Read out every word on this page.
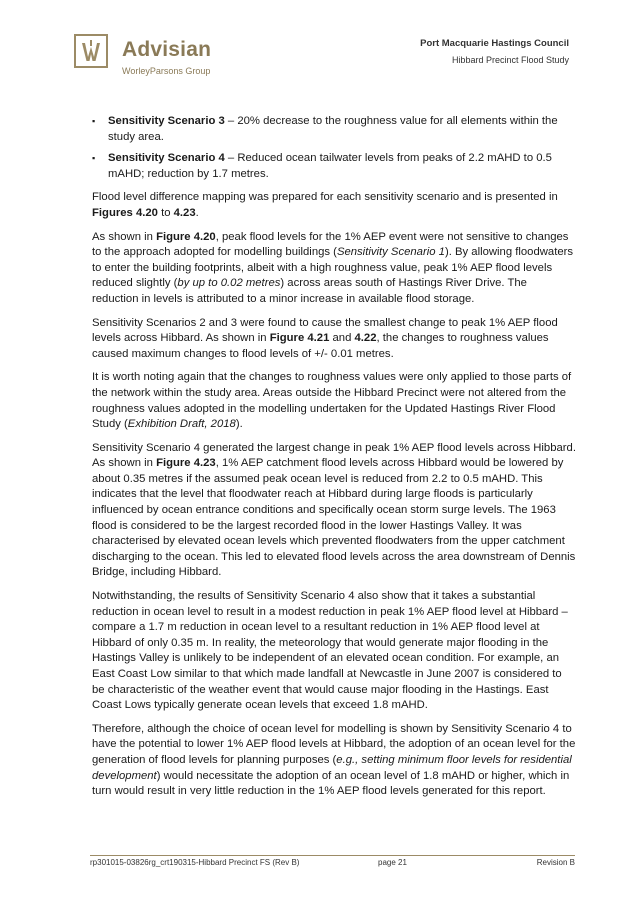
Advisian
WorleyParsons Group
Port Macquarie Hastings Council
Hibbard Precinct Flood Study
▪ Sensitivity Scenario 3 – 20% decrease to the roughness value for all elements within the study area.
▪ Sensitivity Scenario 4 – Reduced ocean tailwater levels from peaks of 2.2 mAHD to 0.5 mAHD; reduction by 1.7 metres.

Flood level difference mapping was prepared for each sensitivity scenario and is presented in Figures 4.20 to 4.23.

As shown in Figure 4.20, peak flood levels for the 1% AEP event were not sensitive to changes to the approach adopted for modelling buildings (Sensitivity Scenario 1). By allowing floodwaters to enter the building footprints, albeit with a high roughness value, peak 1% AEP flood levels reduced slightly (by up to 0.02 metres) across areas south of Hastings River Drive. The reduction in levels is attributed to a minor increase in available flood storage.

Sensitivity Scenarios 2 and 3 were found to cause the smallest change to peak 1% AEP flood levels across Hibbard. As shown in Figure 4.21 and 4.22, the changes to roughness values caused maximum changes to flood levels of +/- 0.01 metres.

It is worth noting again that the changes to roughness values were only applied to those parts of the network within the study area. Areas outside the Hibbard Precinct were not altered from the roughness values adopted in the modelling undertaken for the Updated Hastings River Flood Study (Exhibition Draft, 2018).

Sensitivity Scenario 4 generated the largest change in peak 1% AEP flood levels across Hibbard. As shown in Figure 4.23, 1% AEP catchment flood levels across Hibbard would be lowered by about 0.35 metres if the assumed peak ocean level is reduced from 2.2 to 0.5 mAHD. This indicates that the level that floodwater reach at Hibbard during large floods is particularly influenced by ocean entrance conditions and specifically ocean storm surge levels. The 1963 flood is considered to be the largest recorded flood in the lower Hastings Valley. It was characterised by elevated ocean levels which prevented floodwaters from the upper catchment discharging to the ocean. This led to elevated flood levels across the area downstream of Dennis Bridge, including Hibbard.

Notwithstanding, the results of Sensitivity Scenario 4 also show that it takes a substantial reduction in ocean level to result in a modest reduction in peak 1% AEP flood level at Hibbard – compare a 1.7 m reduction in ocean level to a resultant reduction in 1% AEP flood level at Hibbard of only 0.35 m. In reality, the meteorology that would generate major flooding in the Hastings Valley is unlikely to be independent of an elevated ocean condition. For example, an East Coast Low similar to that which made landfall at Newcastle in June 2007 is considered to be characteristic of the weather event that would cause major flooding in the Hastings. East Coast Lows typically generate ocean levels that exceed 1.8 mAHD.

Therefore, although the choice of ocean level for modelling is shown by Sensitivity Scenario 4 to have the potential to lower 1% AEP flood levels at Hibbard, the adoption of an ocean level for the generation of flood levels for planning purposes (e.g., setting minimum floor levels for residential development) would necessitate the adoption of an ocean level of 1.8 mAHD or higher, which in turn would result in very little reduction in the 1% AEP flood levels generated for this report.

rp301015-03826rg_crt190315-Hibbard Precinct FS (Rev B)	page 21	Revision B
